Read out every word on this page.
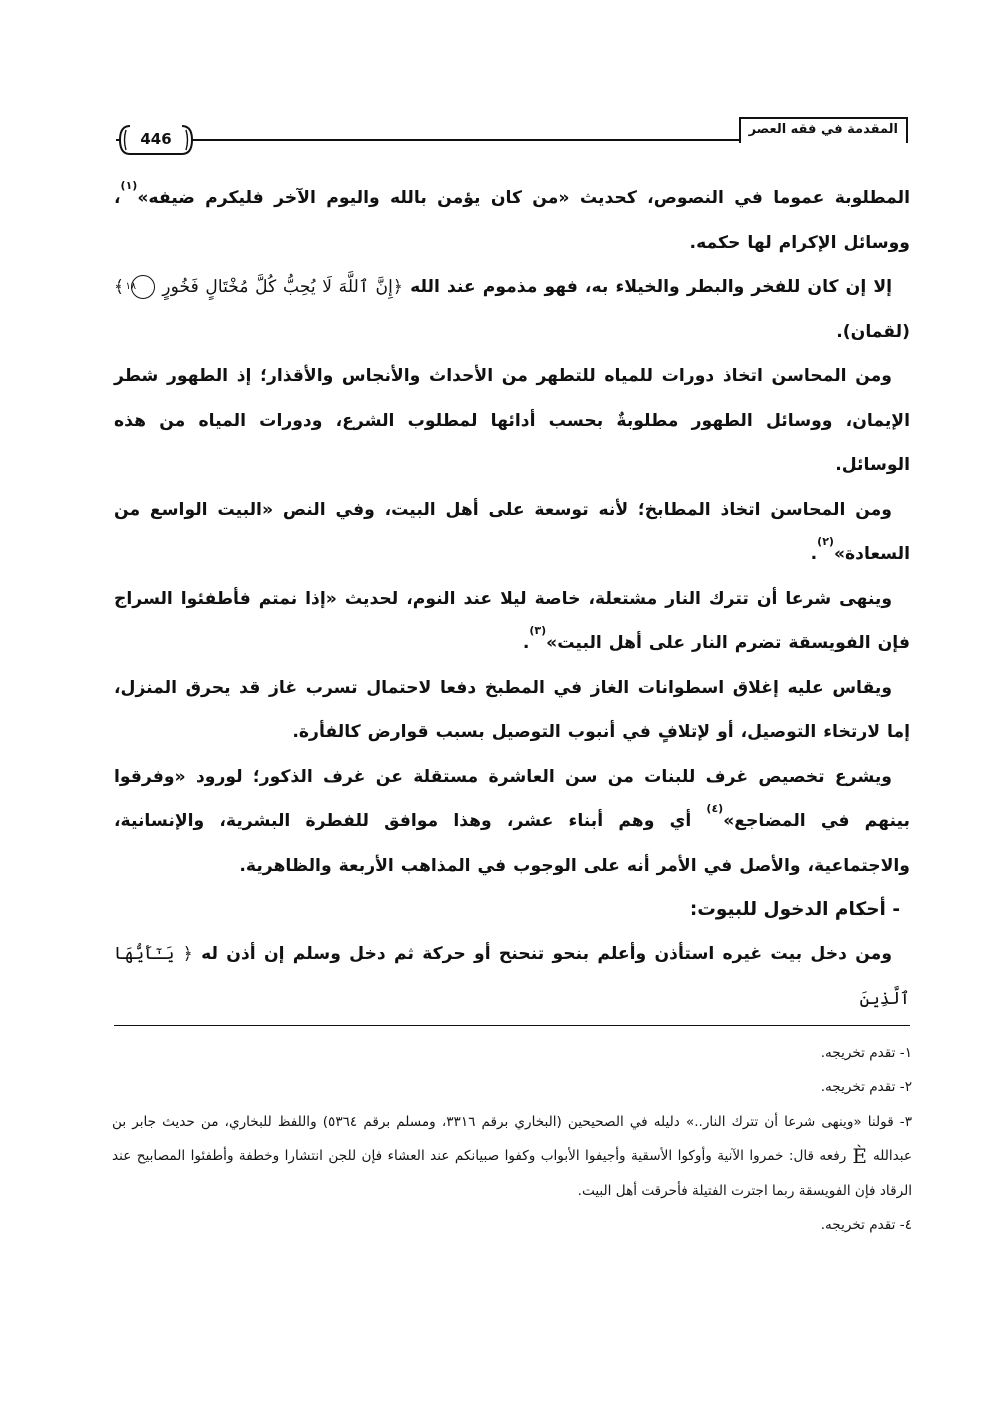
المقدمة في فقه العصر
446

المطلوبة عموما في النصوص، كحديث «من كان يؤمن بالله واليوم الآخر فليكرم ضيفه»$^{(١)}$، ووسائل الإكرام لها حكمه.

إلا إن كان للفخر والبطر والخيلاء به، فهو مذموم عند الله ﴿إِنَّ ٱللَّهَ لَا يُحِبُّ كُلَّ مُخْتَالٍ فَخُورٍ ١٨ ﴾ (لقمان).

ومن المحاسن اتخاذ دورات للمياه للتطهر من الأحداث والأنجاس والأقذار؛ إذ الطهور شطر الإيمان، ووسائل الطهور مطلوبةٌ بحسب أدائها لمطلوب الشرع، ودورات المياه من هذه الوسائل.

ومن المحاسن اتخاذ المطابخ؛ لأنه توسعة على أهل البيت، وفي النص «البيت الواسع من السعادة»$^{(٢)}$.

وينهى شرعا أن تترك النار مشتعلة، خاصة ليلا عند النوم، لحديث «إذا نمتم فأطفئوا السراج فإن الفويسقة تضرم النار على أهل البيت»$^{(٣)}$.

ويقاس عليه إغلاق اسطوانات الغاز في المطبخ دفعا لاحتمال تسرب غاز قد يحرق المنزل، إما لارتخاء التوصيل، أو لإتلافٍ في أنبوب التوصيل بسبب قوارض كالفأرة.

ويشرع تخصيص غرف للبنات من سن العاشرة مستقلة عن غرف الذكور؛ لورود «وفرقوا بينهم في المضاجع»$^{(٤)}$ أي وهم أبناء عشر، وهذا موافق للفطرة البشرية، والإنسانية، والاجتماعية، والأصل في الأمر أنه على الوجوب في المذاهب الأربعة والظاهرية.

- أحكام الدخول للبيوت:

ومن دخل بيت غيره استأذن وأعلم بنحو تنحنح أو حركة ثم دخل وسلم إن أذن له ﴿ يَـٰٓأَيُّهَا ٱلَّذِينَ

١- تقدم تخريجه.

٢- تقدم تخريجه.

٣- قولنا «وينهى شرعا أن تترك النار..» دليله في الصحيحين (البخاري برقم ٣٣١٦، ومسلم برقم ٥٣٦٤) واللفظ للبخاري، من حديث جابر بن عبداللهÈرفعه قال: خمروا الآنية وأوكوا الأسقية وأجيفوا الأبواب وكفوا صبيانكم عند العشاء فإن للجن انتشارا وخطفة وأطفئوا المصابيح عند الرقاد فإن الفويسقة ربما اجترت الفتيلة فأحرقت أهل البيت.

٤- تقدم تخريجه.
